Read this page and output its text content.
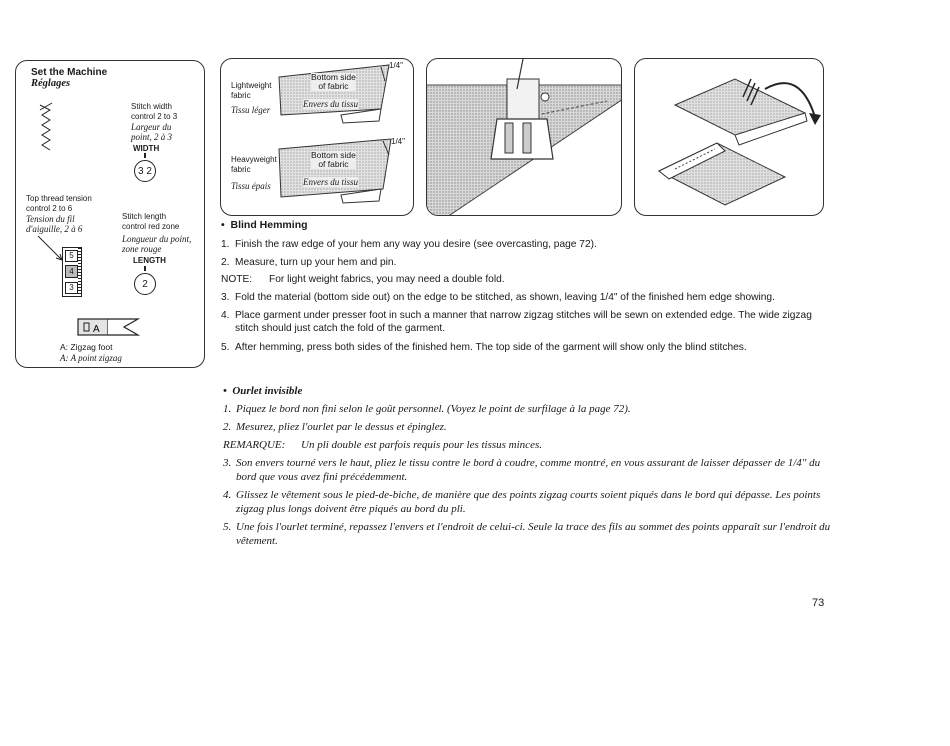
Set the Machine
Réglages
Stitch width
control 2 to 3
Largeur du
point, 2 à 3
WIDTH
3 2
Top thread tension
control 2 to 6
Tension du fil
d'aiguille, 2 à 6
5
4
3
Stitch length
control red zone
Longueur du point,
zone rouge
LENGTH
2
A
A: Zigzag foot
A: A point zigzag
Lightweight
fabric
Tissu léger
Heavyweight
fabric
Tissu épais
Bottom side
of fabric
Envers du tissu
Bottom side
of fabric
Envers du tissu
1/4"
1/4"
•  Blind Hemming
1. Finish the raw edge of your hem any way you desire (see overcasting, page 72).
2. Measure, turn up your hem and pin.
NOTE:	For light weight fabrics, you may need a double fold.
3. Fold the material (bottom side out) on the edge to be stitched, as shown, leaving 1/4" of the finished hem edge showing.
4. Place garment under presser foot in such a manner that narrow zigzag stitches will be sewn on extended edge. The wide zigzag stitch should just catch the fold of the garment.
5. After hemming, press both sides of the finished hem. The top side of the garment will show only the blind stitches.
•  Ourlet invisible
1. Piquez le bord non fini selon le goût personnel. (Voyez le point de surfilage à la page 72).
2. Mesurez, pliez l'ourlet par le dessus et épinglez.
REMARQUE:	Un pli double est parfois requis pour les tissus minces.
3. Son envers tourné vers le haut, pliez le tissu contre le bord à coudre, comme montré, en vous assurant de laisser dépasser de 1/4" du bord que vous avez fini précédemment.
4. Glissez le vêtement sous le pied-de-biche, de manière que des points zigzag courts soient piqués dans le bord qui dépasse. Les points zigzag plus longs doivent être piqués au bord du pli.
5. Une fois l'ourlet terminé, repassez l'envers et l'endroit de celui-ci. Seule la trace des fils au sommet des points apparaît sur l'endroit du vêtement.
73
